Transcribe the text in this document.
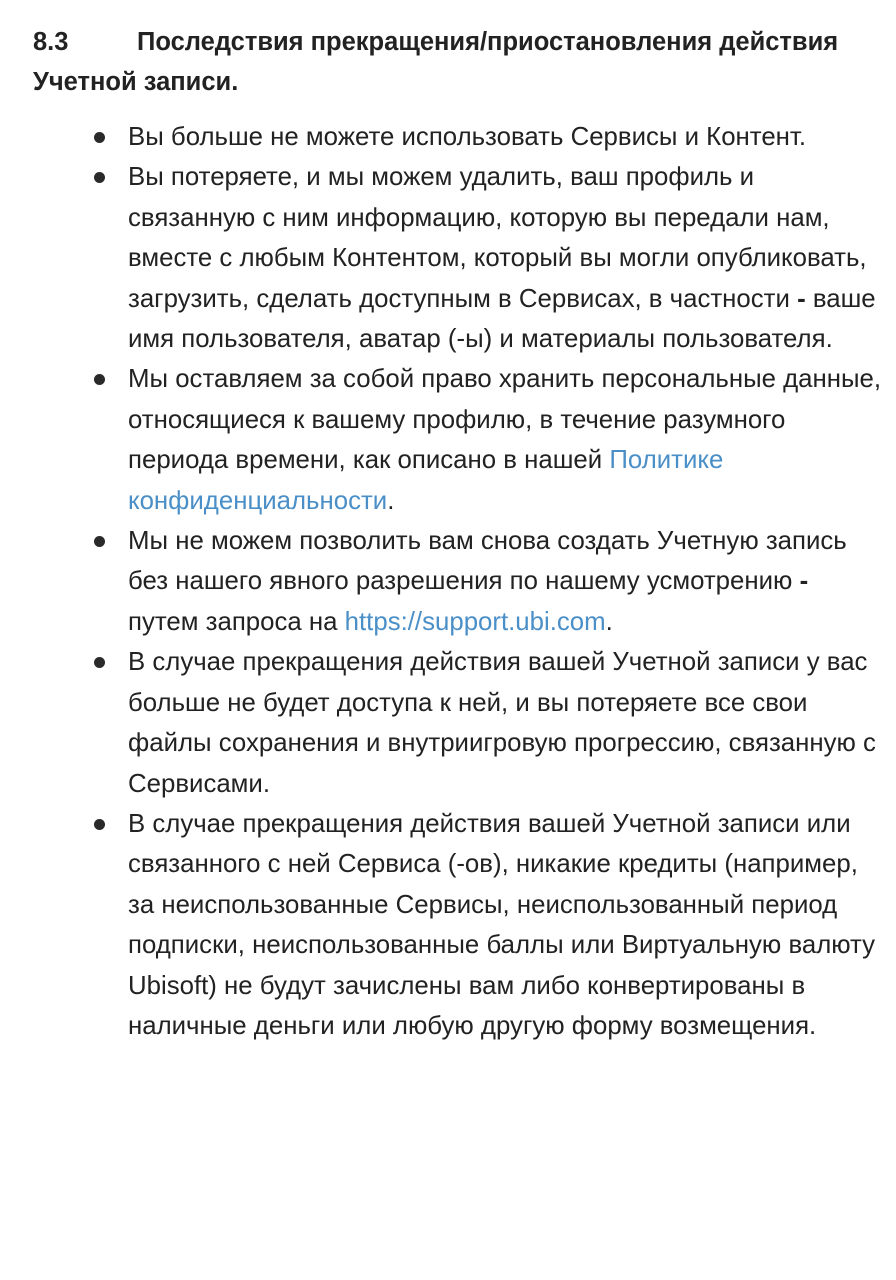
8.3	Последствия прекращения/приостановления действия Учетной записи.
Вы больше не можете использовать Сервисы и Контент.
Вы потеряете, и мы можем удалить, ваш профиль и связанную с ним информацию, которую вы передали нам, вместе с любым Контентом, который вы могли опубликовать, загрузить, сделать доступным в Сервисах, в частности - ваше имя пользователя, аватар (-ы) и материалы пользователя.
Мы оставляем за собой право хранить персональные данные, относящиеся к вашему профилю, в течение разумного периода времени, как описано в нашей Политике конфиденциальности.
Мы не можем позволить вам снова создать Учетную запись без нашего явного разрешения по нашему усмотрению - путем запроса на https://support.ubi.com.
В случае прекращения действия вашей Учетной записи у вас больше не будет доступа к ней, и вы потеряете все свои файлы сохранения и внутриигровую прогрессию, связанную с Сервисами.
В случае прекращения действия вашей Учетной записи или связанного с ней Сервиса (-ов), никакие кредиты (например, за неиспользованные Сервисы, неиспользованный период подписки, неиспользованные баллы или Виртуальную валюту Ubisoft) не будут зачислены вам либо конвертированы в наличные деньги или любую другую форму возмещения.
